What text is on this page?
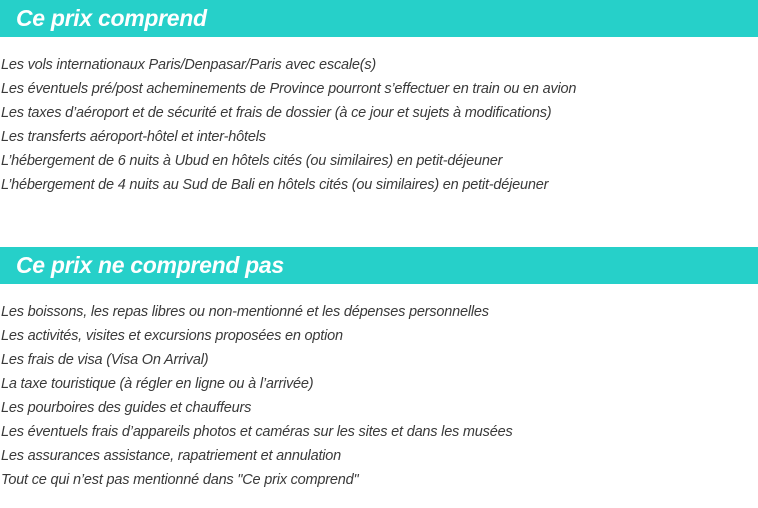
Ce prix comprend
Les vols internationaux Paris/Denpasar/Paris avec escale(s)
Les éventuels pré/post acheminements de Province pourront s’effectuer en train ou en avion
Les taxes d’aéroport et de sécurité et frais de dossier (à ce jour et sujets à modifications)
Les transferts aéroport-hôtel et inter-hôtels
L’hébergement de 6 nuits à Ubud en hôtels cités (ou similaires) en petit-déjeuner
L’hébergement de 4 nuits au Sud de Bali en hôtels cités (ou similaires) en petit-déjeuner
Ce prix ne comprend pas
Les boissons, les repas libres ou non-mentionné et les dépenses personnelles
Les activités, visites et excursions proposées en option
Les frais de visa (Visa On Arrival)
La taxe touristique (à régler en ligne ou à l’arrivée)
Les pourboires des guides et chauffeurs
Les éventuels frais d’appareils photos et caméras sur les sites et dans les musées
Les assurances assistance, rapatriement et annulation
Tout ce qui n’est pas mentionné dans "Ce prix comprend"
